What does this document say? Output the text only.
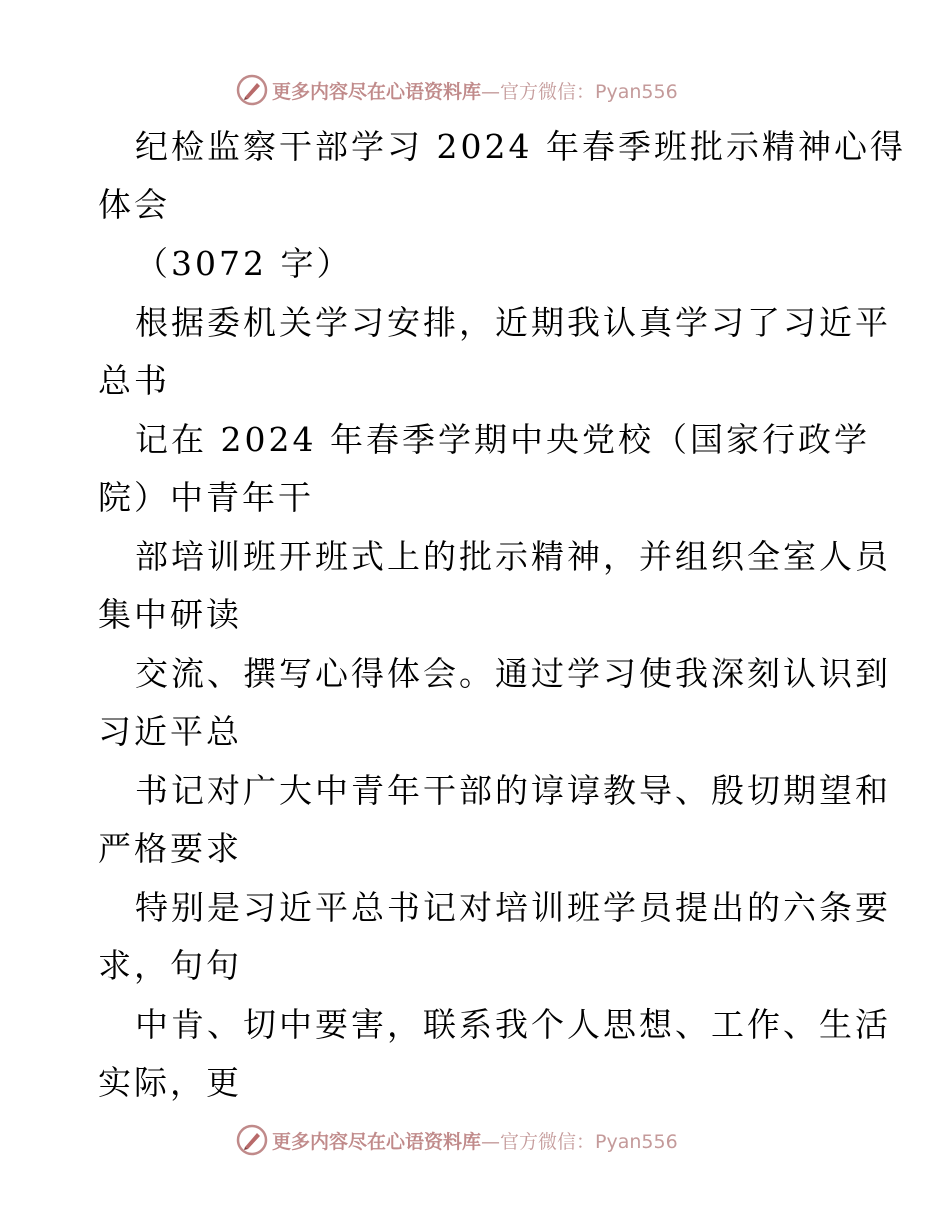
更多内容尽在心语资料库—官方微信：Pyan556
纪检监察干部学习 2024 年春季班批示精神心得
体会
（3072 字）
根据委机关学习安排，近期我认真学习了习近平
总书
记在 2024 年春季学期中央党校（国家行政学
院）中青年干
部培训班开班式上的批示精神，并组织全室人员
集中研读
交流、撰写心得体会。通过学习使我深刻认识到
习近平总
书记对广大中青年干部的谆谆教导、殷切期望和
严格要求
特别是习近平总书记对培训班学员提出的六条要
求，句句
中肯、切中要害，联系我个人思想、工作、生活
实际，更
更多内容尽在心语资料库—官方微信：Pyan556
